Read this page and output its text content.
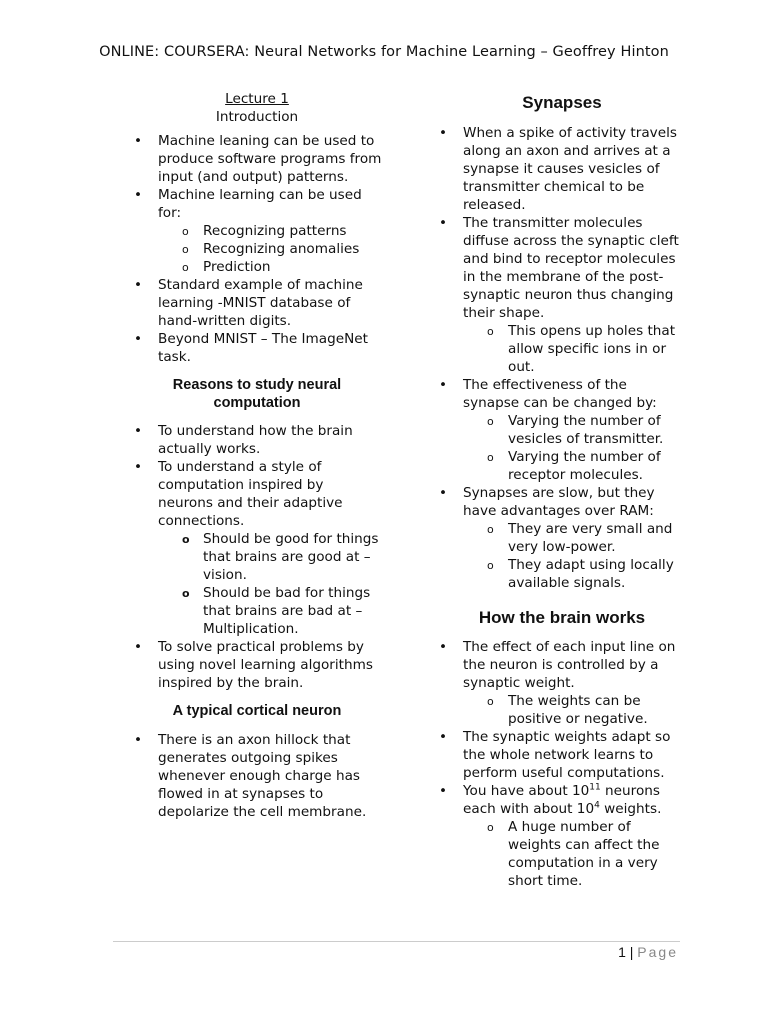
ONLINE: COURSERA: Neural Networks for Machine Learning – Geoffrey Hinton
Lecture 1
Introduction
• Machine leaning can be used to produce software programs from input (and output) patterns.
• Machine learning can be used for:
o Recognizing patterns
o Recognizing anomalies
o Prediction
• Standard example of machine learning -MNIST database of hand-written digits.
• Beyond MNIST – The ImageNet task.
Reasons to study neural computation
• To understand how the brain actually works.
• To understand a style of computation inspired by neurons and their adaptive connections.
o Should be good for things that brains are good at – vision.
o Should be bad for things that brains are bad at – Multiplication.
• To solve practical problems by using novel learning algorithms inspired by the brain.
A typical cortical neuron
• There is an axon hillock that generates outgoing spikes whenever enough charge has flowed in at synapses to depolarize the cell membrane.
Synapses
• When a spike of activity travels along an axon and arrives at a synapse it causes vesicles of transmitter chemical to be released.
• The transmitter molecules diffuse across the synaptic cleft and bind to receptor molecules in the membrane of the post-synaptic neuron thus changing their shape.
o This opens up holes that allow specific ions in or out.
• The effectiveness of the synapse can be changed by:
o Varying the number of vesicles of transmitter.
o Varying the number of receptor molecules.
• Synapses are slow, but they have advantages over RAM:
o They are very small and very low-power.
o They adapt using locally available signals.
How the brain works
• The effect of each input line on the neuron is controlled by a synaptic weight.
o The weights can be positive or negative.
• The synaptic weights adapt so the whole network learns to perform useful computations.
• You have about $10^{11}$ neurons each with about $10^4$ weights.
o A huge number of weights can affect the computation in a very short time.
1 | Page
